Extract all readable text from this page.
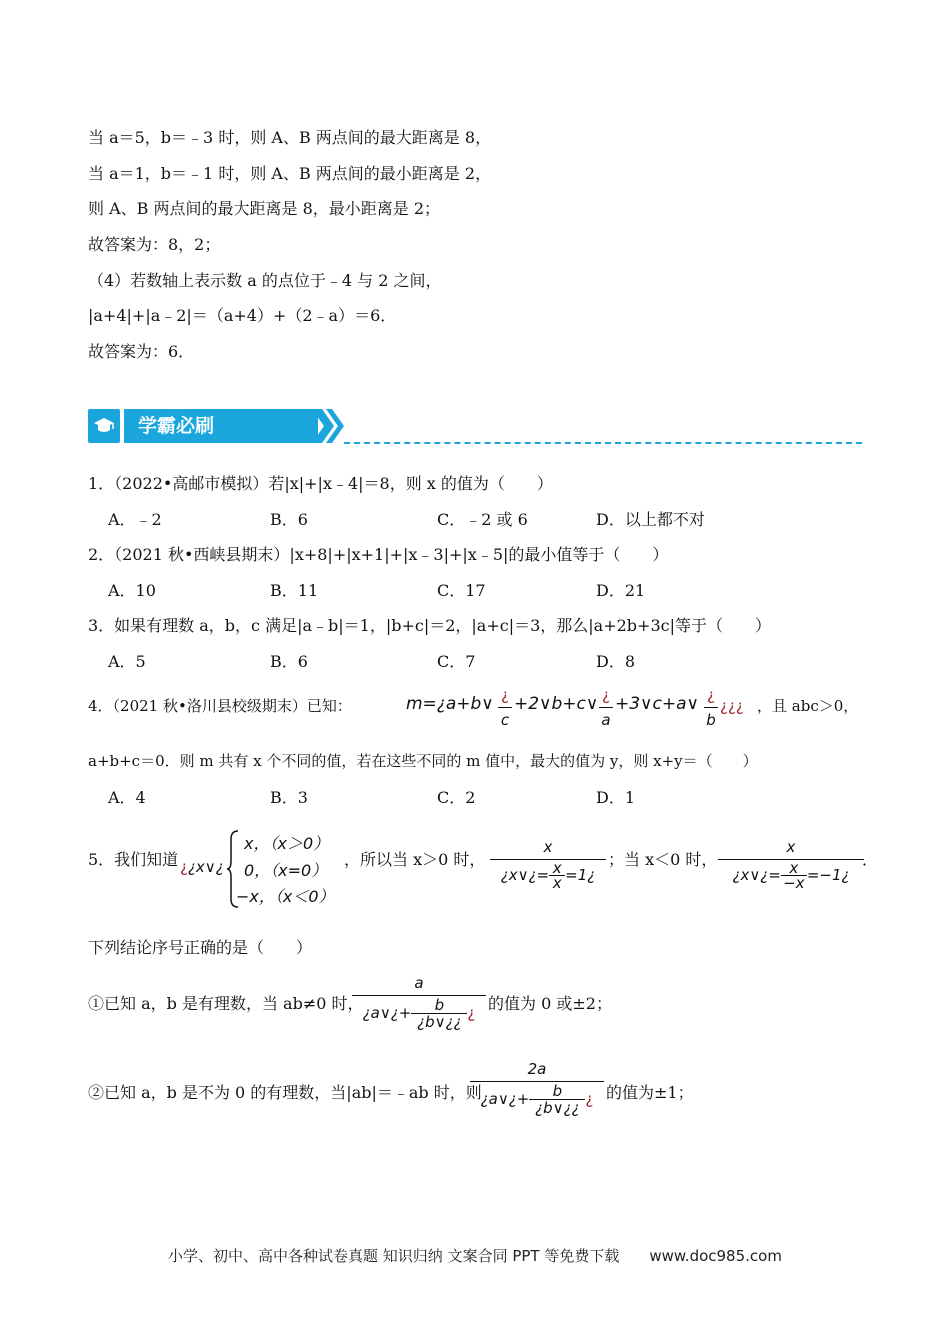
当 a＝5，b＝﹣3 时，则 A、B 两点间的最大距离是 8，
当 a＝1，b＝﹣1 时，则 A、B 两点间的最小距离是 2，
则 A、B 两点间的最大距离是 8，最小距离是 2；
故答案为：8，2；
（4）若数轴上表示数 a 的点位于﹣4 与 2 之间，
|a+4|+|a﹣2|＝（a+4）+（2﹣a）＝6．
故答案为：6．
学霸必刷
1．（2022•高邮市模拟）若|x|+|x﹣4|＝8，则 x 的值为（　　）
A．﹣2	B．6	C．﹣2 或 6	D．以上都不对
2．（2021 秋•西峡县期末）|x+8|+|x+1|+|x﹣3|+|x﹣5|的最小值等于（　　）
A．10	B．11	C．17	D．21
3．如果有理数 a，b，c 满足|a﹣b|＝1，|b+c|＝2，|a+c|＝3，那么|a+2b+3c|等于（　　）
A．5	B．6	C．7	D．8
4．（2021 秋•洛川县校级期末）已知：	m=¿a+b∨ ¿
c
+2∨b+c∨ ¿
a
+3∨c+a∨ ¿
b
¿¿¿ ，且 abc＞0，
a+b+c＝0．则 m 共有 x 个不同的值，若在这些不同的 m 值中，最大的值为 y，则 x+y＝（　　）
A．4	B．3	C．2	D．1
5．我们知道 ¿¿x∨¿
x，（x＞0）
0，（x=0）
−x，（x＜0）
，所以当 x＞0 时，
x
¿x∨¿= $\frac{x}{x}$ =1¿
；当 x＜0 时，
x
¿x∨¿= $\frac{x}{-x}$ =−1¿
．
下列结论序号正确的是（　　）
①已知 a，b 是有理数，当 ab≠0 时，
a
¿a∨¿+ $\frac{b}{¿b\vee¿¿}$ ¿ 的值为 0 或±2；
②已知 a，b 是不为 0 的有理数，当|ab|＝﹣ab 时，则
2a
¿a∨¿+ $\frac{b}{¿b\vee¿¿}$ ¿ 的值为±1；
小学、初中、高中各种试卷真题 知识归纳 文案合同 PPT 等免费下载 www.doc985.com
